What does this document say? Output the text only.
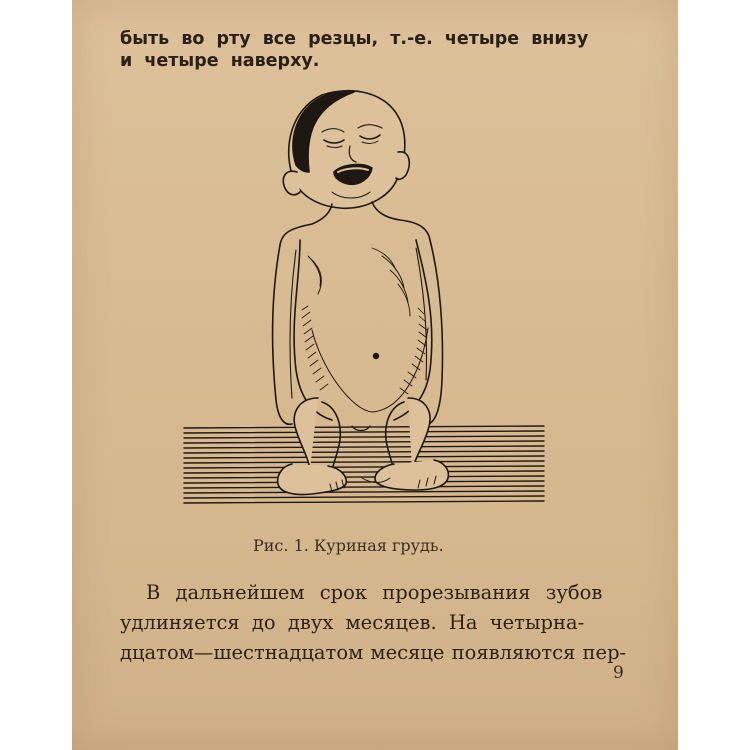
быть во рту все резцы, т.-е. четыре внизу
и четыре наверху.

Рис. 1. Куриная грудь.

В дальнейшем срок прорезывания зубов
удлиняется до двух месяцев. На четырна-
дцатом—шестнадцатом месяце появляются пер-

9
